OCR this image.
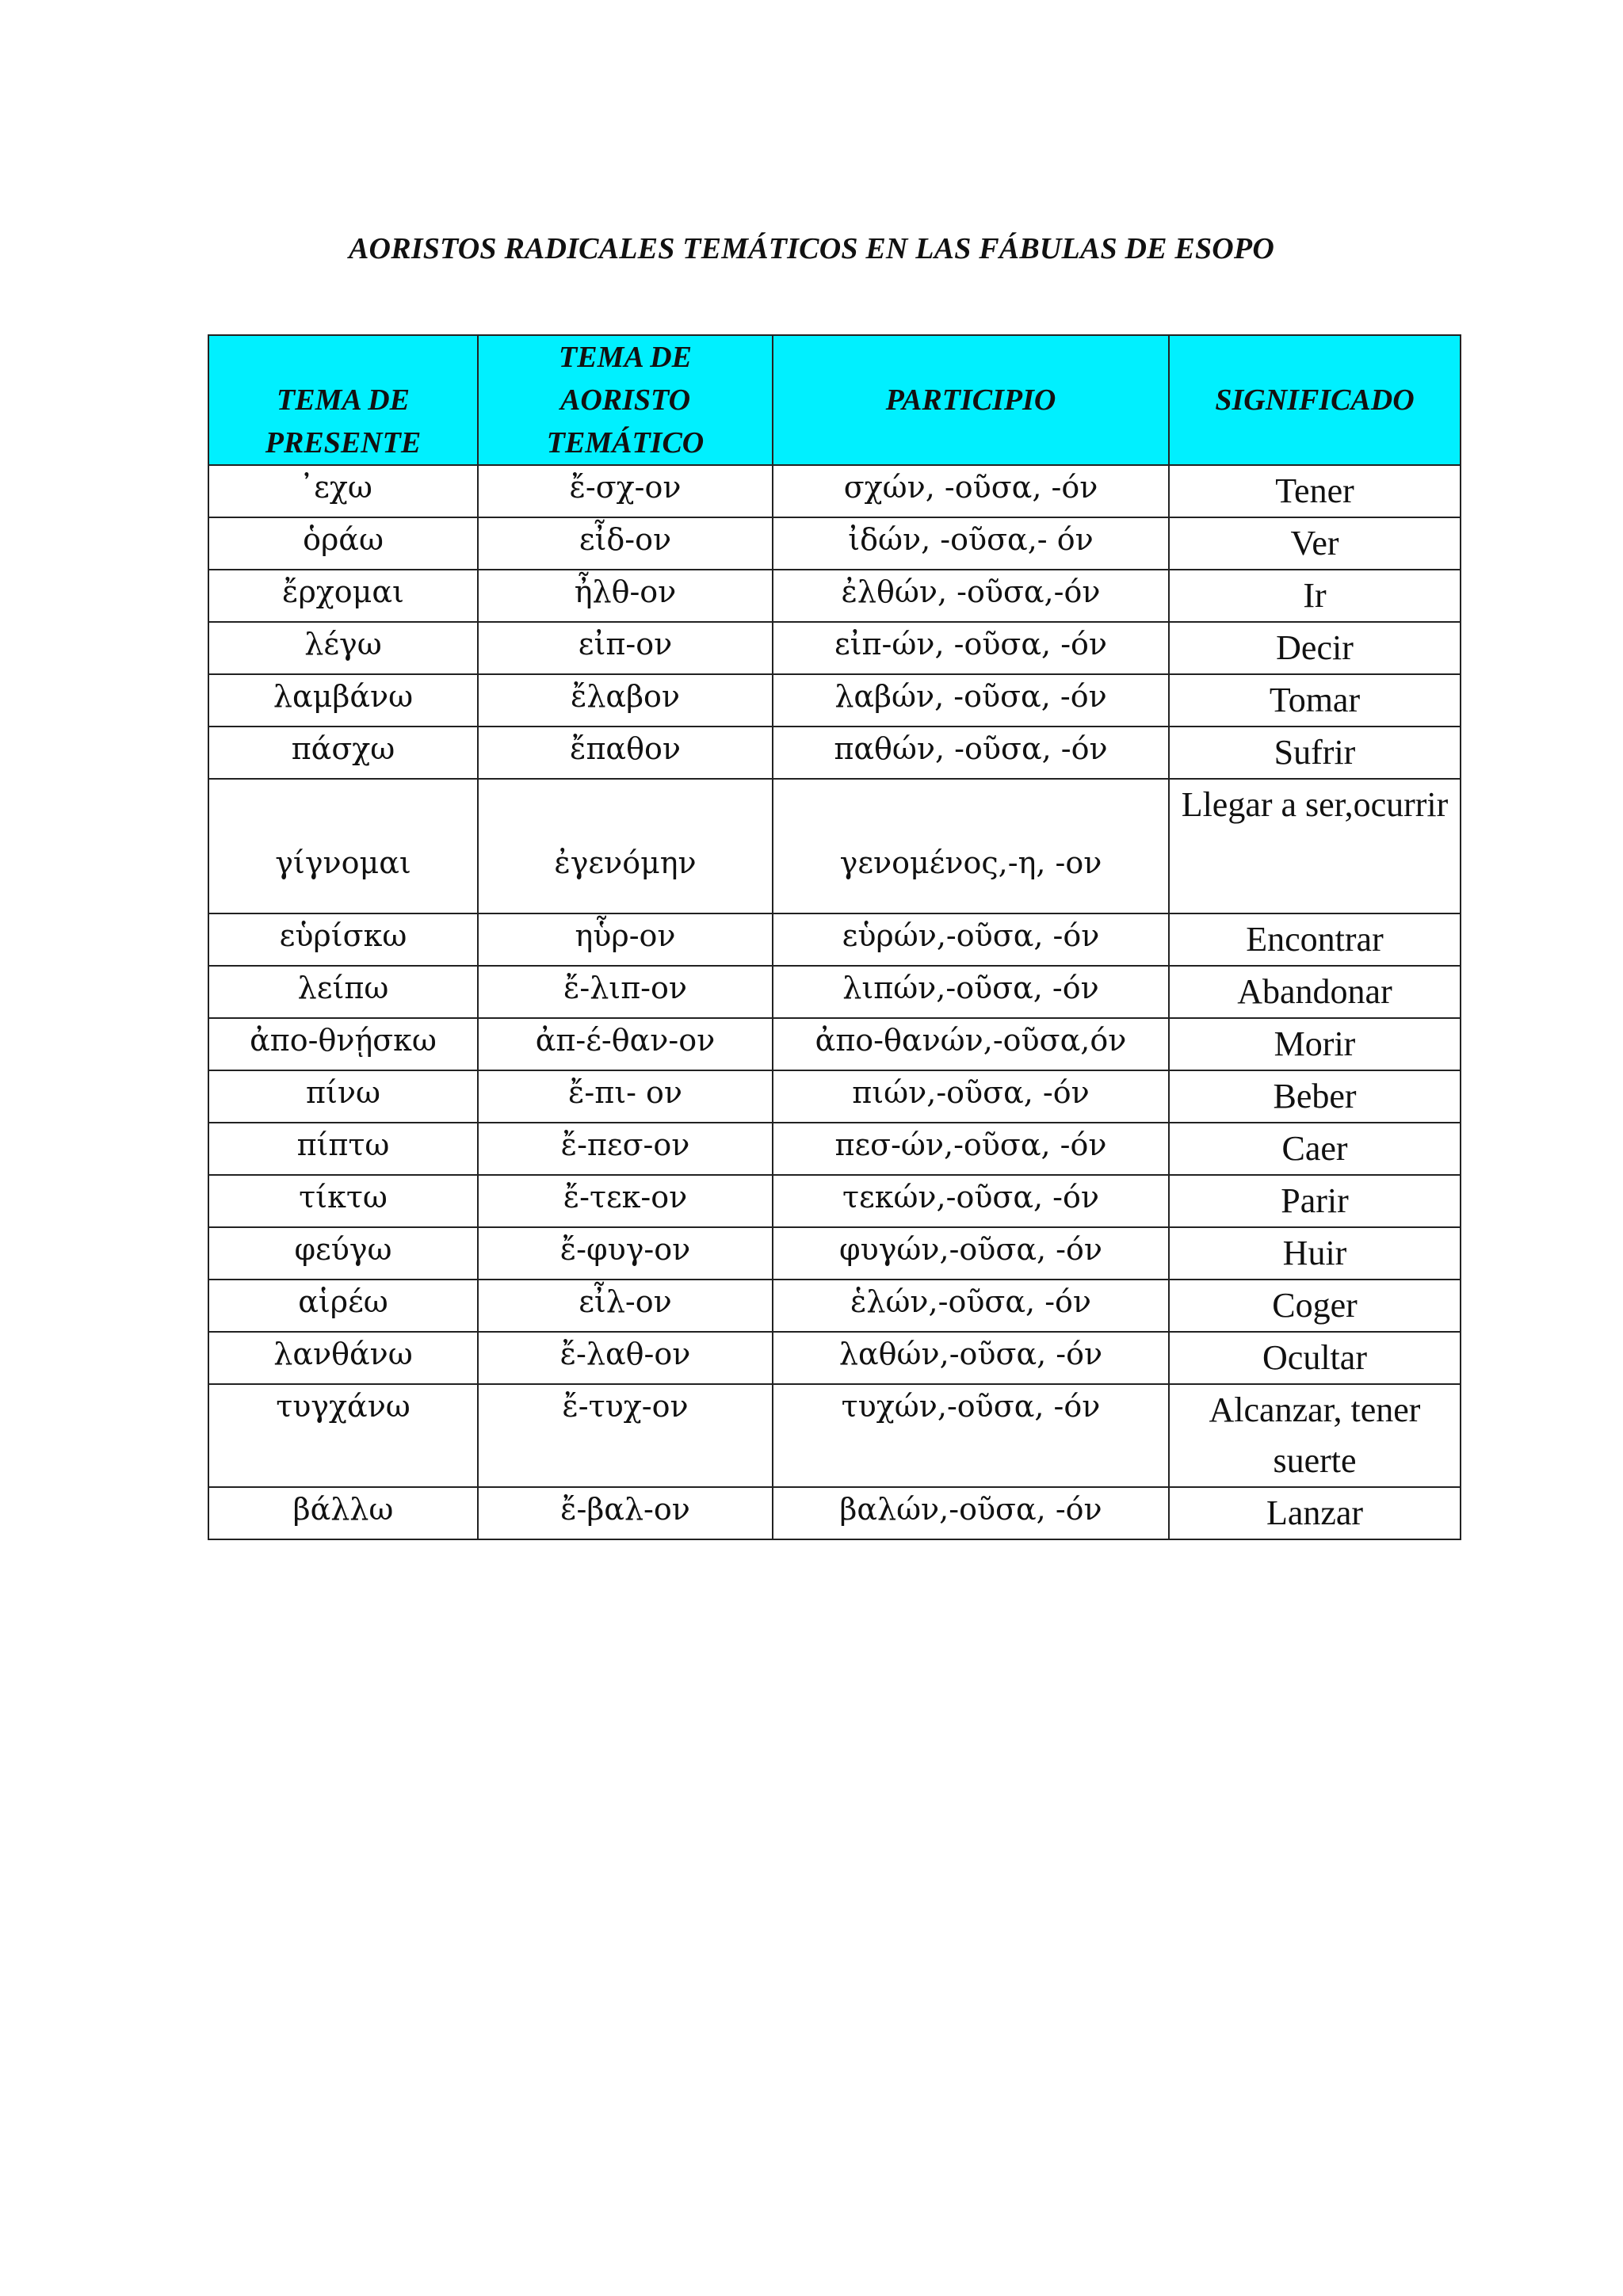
AORISTOS RADICALES TEMÁTICOS EN LAS FÁBULAS DE ESOPO
TEMA DE
PRESENTE	TEMA DE
AORISTO
TEMÁTICO	PARTICIPIO	SIGNIFICADO
̓εχω	ἔ-σχ-ον	σχών, -οῦσα, -όν	Tener
ὁράω	εἶδ-ον	ἰδών, -οῦσα,- όν	Ver
ἔρχομαι	ἦλθ-ον	ἐλθών, -οῦσα,-όν	Ir
λέγω	εἰπ-ον	εἰπ-ών, -οῦσα, -όν	Decir
λαμβάνω	ἔλαβον	λαβών, -οῦσα, -όν	Tomar
πάσχω	ἔπαθον	παθών, -οῦσα, -όν	Sufrir
γίγνομαι	ἐγενόμην	γενομένος,-η, -ον	Llegar a ser,ocurrir
εὑρίσκω	ηὗρ-ον	εὑρών,-οῦσα, -όν	Encontrar
λείπω	ἔ-λιπ-ον	λιπών,-οῦσα, -όν	Abandonar
ἀπο-θνῄσκω	ἀπ-έ-θαν-ον	ἀπο-θανών,-οῦσα,όν	Morir
πίνω	ἔ-πι- ον	πιών,-οῦσα, -όν	Beber
πίπτω	ἔ-πεσ-ον	πεσ-ών,-οῦσα, -όν	Caer
τίκτω	ἔ-τεκ-ον	τεκών,-οῦσα, -όν	Parir
φεύγω	ἔ-φυγ-ον	φυγών,-οῦσα, -όν	Huir
αἱρέω	εἶλ-ον	ἑλών,-οῦσα, -όν	Coger
λανθάνω	ἔ-λαθ-ον	λαθών,-οῦσα, -όν	Ocultar
τυγχάνω	ἔ-τυχ-ον	τυχών,-οῦσα, -όν	Alcanzar, tener suerte
βάλλω	ἔ-βαλ-ον	βαλών,-οῦσα, -όν	Lanzar
